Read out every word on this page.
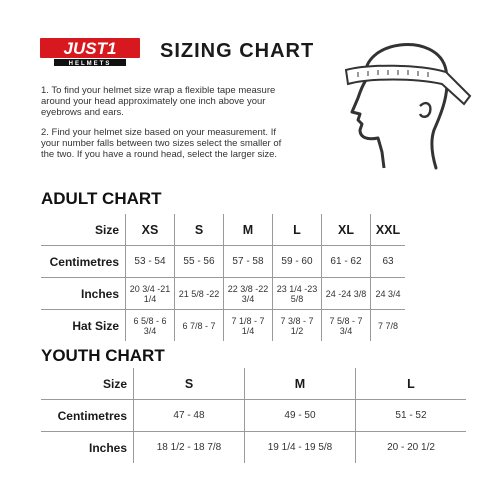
JUST1
HELMETS
SIZING CHART
1. To find your helmet size wrap a flexible tape measure around your head approximately one inch above your eyebrows and ears.
2. Find your helmet size based on your measurement. If your number falls between two sizes select the smaller of the two. If you have a round head, select the larger size.
ADULT CHART
Size	XS	S	M	L	XL	XXL
Centimetres	53 - 54	55 - 56	57 - 58	59 - 60	61 - 62	63
Inches	20 3/4 -21 1/4	21 5/8 -22	22 3/8 -22 3/4	23 1/4 -23 5/8	24 -24 3/8	24 3/4
Hat Size	6 5/8 - 6 3/4	6 7/8 - 7	7 1/8 - 7 1/4	7 3/8 - 7 1/2	7 5/8 - 7 3/4	7 7/8
YOUTH CHART
Size	S	M	L
Centimetres	47 - 48	49 - 50	51 - 52
Inches	18 1/2 - 18 7/8	19 1/4 - 19 5/8	20 - 20 1/2
